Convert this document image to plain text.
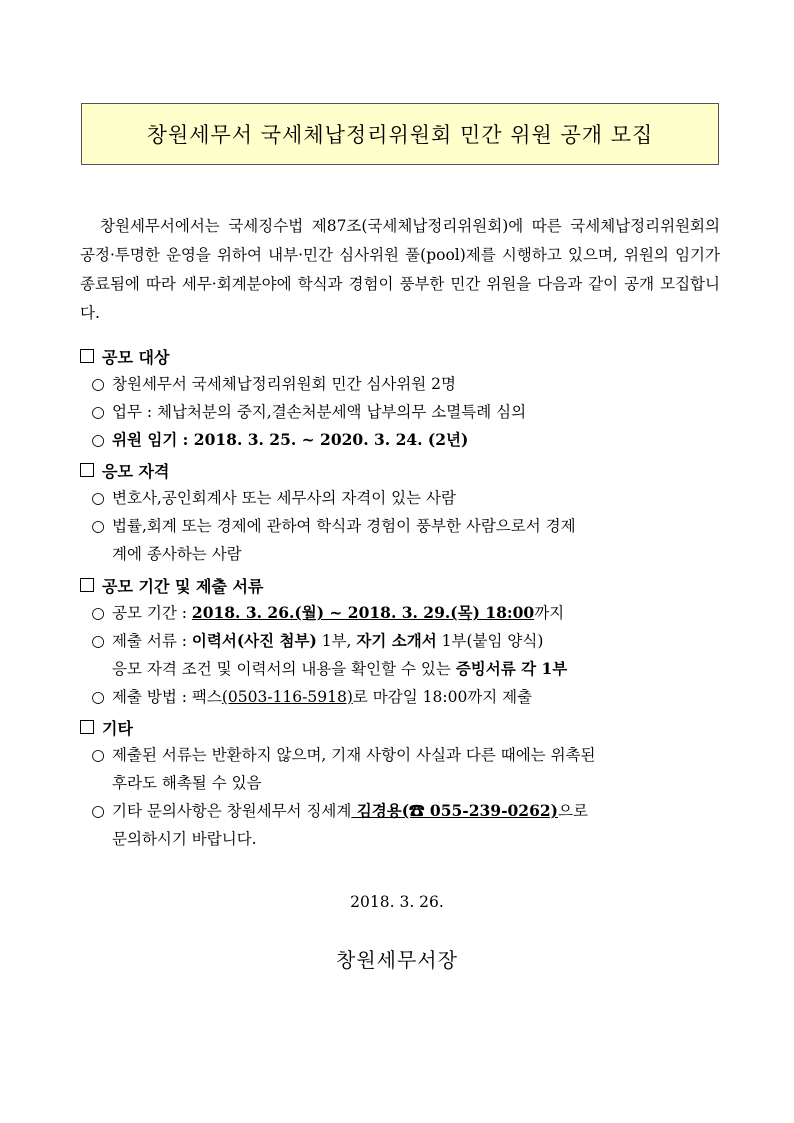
창원세무서 국세체납정리위원회 민간 위원 공개 모집

창원세무서에서는 국세징수법 제87조(국세체납정리위원회)에 따른 국세체납정리위원회의 공정·투명한 운영을 위하여 내부·민간 심사위원 풀(pool)제를 시행하고 있으며, 위원의 임기가 종료됨에 따라 세무·회계분야에 학식과 경험이 풍부한 민간 위원을 다음과 같이 공개 모집합니다.

공모 대상
○ 창원세무서 국세체납정리위원회 민간 심사위원 2명
○ 업무 : 체납처분의 중지,결손처분세액 납부의무 소멸특례 심의
○ 위원 임기 : 2018. 3. 25. ~ 2020. 3. 24. (2년)
응모 자격
○ 변호사,공인회계사 또는 세무사의 자격이 있는 사람
○ 법률,회계 또는 경제에 관하여 학식과 경험이 풍부한 사람으로서 경제
계에 종사하는 사람
공모 기간 및 제출 서류
○ 공모 기간 : 2018. 3. 26.(월) ~ 2018. 3. 29.(목) 18:00까지
○ 제출 서류 : 이력서(사진 첨부) 1부, 자기 소개서 1부(붙임 양식)
응모 자격 조건 및 이력서의 내용을 확인할 수 있는 증빙서류 각 1부
○ 제출 방법 : 팩스(0503-116-5918)로 마감일 18:00까지 제출
기타
○ 제출된 서류는 반환하지 않으며, 기재 사항이 사실과 다른 때에는 위촉된
후라도 해촉될 수 있음
○ 기타 문의사항은 창원세무서 징세계 김경용(☎ 055-239-0262)으로
문의하시기 바랍니다.
2018. 3. 26.
창원세무서장
